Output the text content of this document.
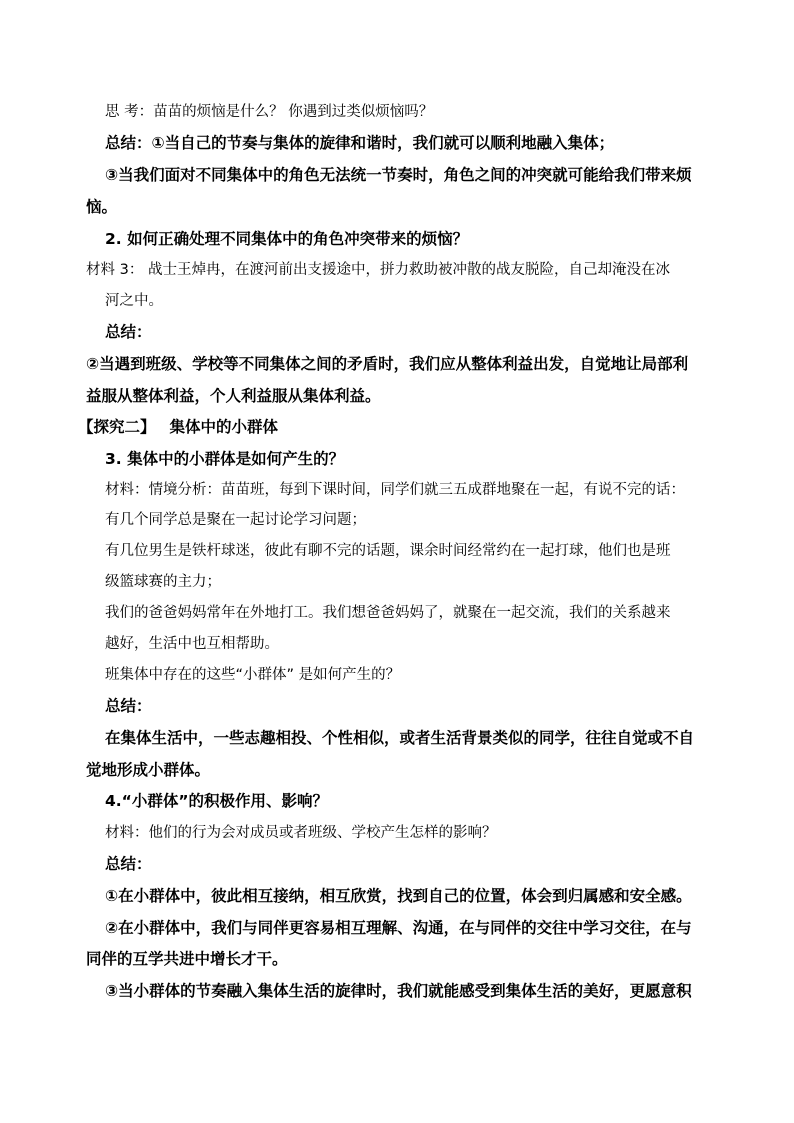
思 考：苗苗的烦恼是什么？ 你遇到过类似烦恼吗？
总结：①当自己的节奏与集体的旋律和谐时，我们就可以顺利地融入集体；
③当我们面对不同集体中的角色无法统一节奏时，角色之间的冲突就可能给我们带来烦
恼。
2. 如何正确处理不同集体中的角色冲突带来的烦恼？
材料 3： 战士王焯冉，在渡河前出支援途中，拼力救助被冲散的战友脱险，自己却淹没在冰
河之中。
总结：
②当遇到班级、学校等不同集体之间的矛盾时，我们应从整体利益出发，自觉地让局部利
益服从整体利益，个人利益服从集体利益。
【探究二】 集体中的小群体
3. 集体中的小群体是如何产生的？
材料：情境分析：苗苗班，每到下课时间，同学们就三五成群地聚在一起，有说不完的话：
有几个同学总是聚在一起讨论学习问题；
有几位男生是铁杆球迷，彼此有聊不完的话题，课余时间经常约在一起打球，他们也是班
级篮球赛的主力；
我们的爸爸妈妈常年在外地打工。我们想爸爸妈妈了，就聚在一起交流，我们的关系越来
越好，生活中也互相帮助。
班集体中存在的这些“小群体” 是如何产生的？
总结：
在集体生活中，一些志趣相投、个性相似，或者生活背景类似的同学，往往自觉或不自
觉地形成小群体。
4.“小群体”的积极作用、影响？
材料：他们的行为会对成员或者班级、学校产生怎样的影响？
总结：
①在小群体中，彼此相互接纳，相互欣赏，找到自己的位置，体会到归属感和安全感。
②在小群体中，我们与同伴更容易相互理解、沟通，在与同伴的交往中学习交往，在与
同伴的互学共进中增长才干。
③当小群体的节奏融入集体生活的旋律时，我们就能感受到集体生活的美好，更愿意积
